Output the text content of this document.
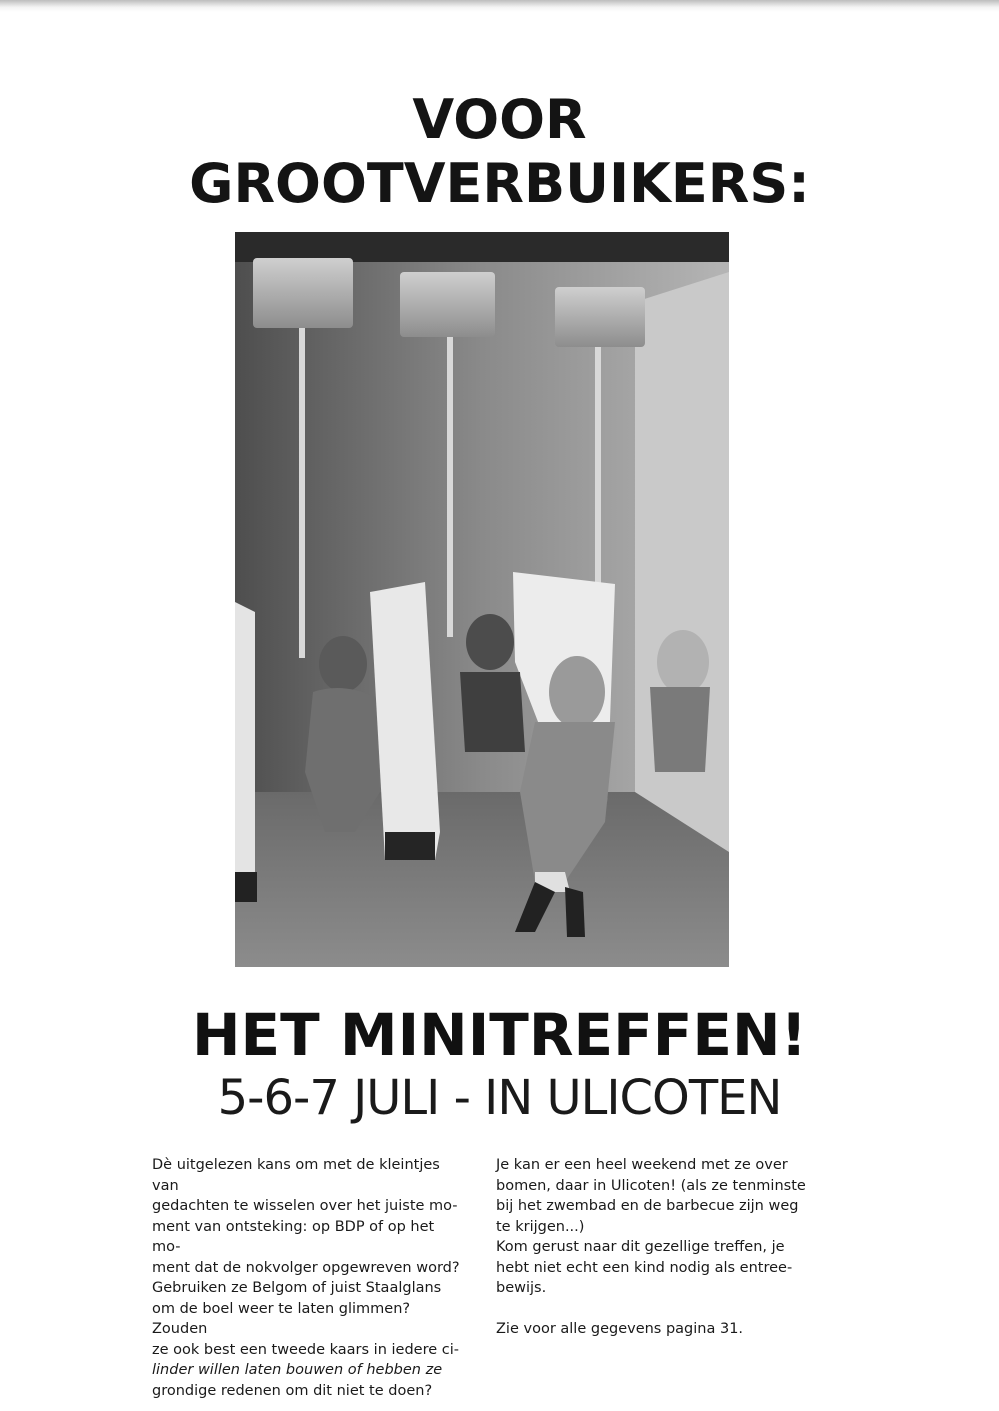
VOOR
GROOTVERBUIKERS:
HET MINITREFFEN!
5-6-7 JULI - IN ULICOTEN

Dè uitgelezen kans om met de kleintjes van

gedachten te wisselen over het juiste mo-

ment van ontsteking: op BDP of op het mo-

ment dat de nokvolger opgewreven word?

Gebruiken ze Belgom of juist Staalglans

om de boel weer te laten glimmen? Zouden

ze ook best een tweede kaars in iedere ci-

linder willen laten bouwen of hebben ze

grondige redenen om dit niet te doen?

Je kan er een heel weekend met ze over

bomen, daar in Ulicoten! (als ze tenminste

bij het zwembad en de barbecue zijn weg

te krijgen...)

Kom gerust naar dit gezellige treffen, je

hebt niet echt een kind nodig als entree-

bewijs.

Zie voor alle gegevens pagina 31.
